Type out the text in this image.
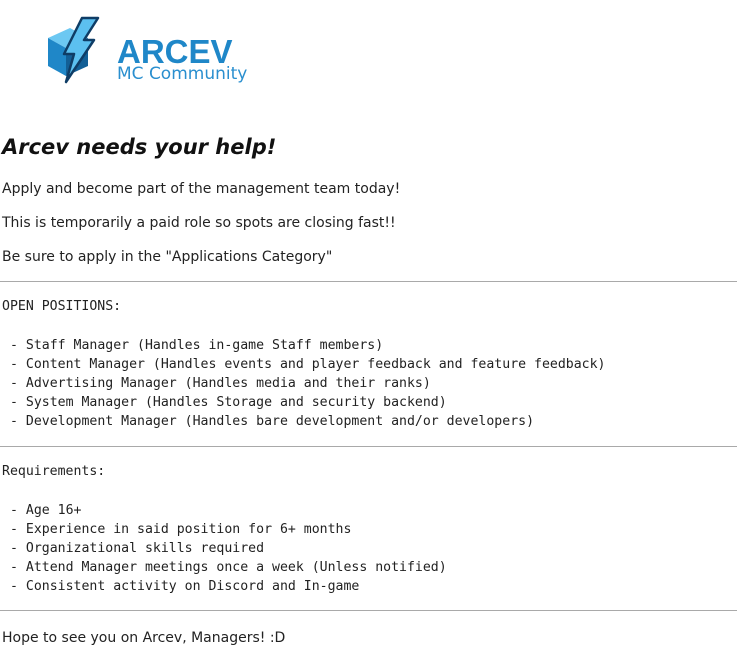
ARCEV
MC Community
Arcev needs your help!

Apply and become part of the management team today!

This is temporarily a paid role so spots are closing fast!!

Be sure to apply in the "Applications Category"

OPEN POSITIONS:
- Staff Manager (Handles in-game Staff members)
- Content Manager (Handles events and player feedback and feature feedback)
- Advertising Manager (Handles media and their ranks)
- System Manager (Handles Storage and security backend)
- Development Manager (Handles bare development and/or developers)
Requirements:
- Age 16+
- Experience in said position for 6+ months
- Organizational skills required
- Attend Manager meetings once a week (Unless notified)
- Consistent activity on Discord and In-game

Hope to see you on Arcev, Managers! :D
